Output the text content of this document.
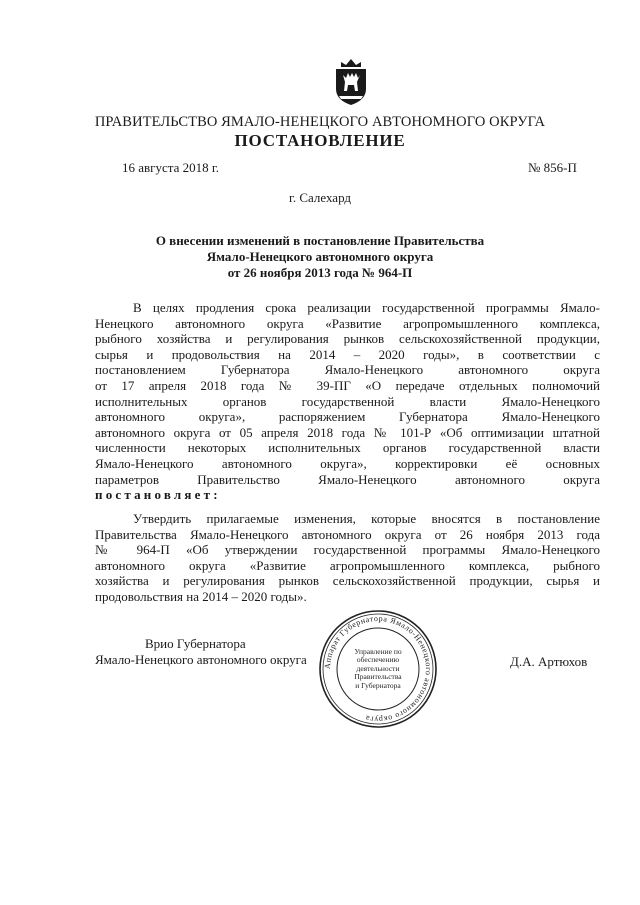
ПРАВИТЕЛЬСТВО ЯМАЛО-НЕНЕЦКОГО АВТОНОМНОГО ОКРУГА
ПОСТАНОВЛЕНИЕ
16 августа 2018 г.	№ 856-П
г. Салехард
О внесении изменений в постановление Правительства
Ямало-Ненецкого автономного округа
от 26 ноября 2013 года № 964-П
В целях продления срока реализации государственной программы Ямало-
Ненецкого автономного округа «Развитие агропромышленного комплекса,
рыбного хозяйства и регулирования рынков сельскохозяйственной продукции,
сырья и продовольствия на 2014 – 2020 годы», в соответствии с
постановлением Губернатора Ямало-Ненецкого автономного округа
от 17 апреля 2018 года № 39-ПГ «О передаче отдельных полномочий
исполнительных органов государственной власти Ямало-Ненецкого
автономного округа», распоряжением Губернатора Ямало-Ненецкого
автономного округа от 05 апреля 2018 года № 101-Р «Об оптимизации штатной
численности некоторых исполнительных органов государственной власти
Ямало-Ненецкого автономного округа», корректировки её основных
параметров Правительство Ямало-Ненецкого автономного округа
постановляет:
Утвердить прилагаемые изменения, которые вносятся в постановление
Правительства Ямало-Ненецкого автономного округа от 26 ноября 2013 года
№ 964-П «Об утверждении государственной программы Ямало-Ненецкого
автономного округа «Развитие агропромышленного комплекса, рыбного
хозяйства и регулирования рынков сельскохозяйственной продукции, сырья и
продовольствия на 2014 – 2020 годы».
Врио Губернатора
Ямало-Ненецкого автономного округа	Д.А. Артюхов
Аппарат Губернатора Ямало-Ненецкого автономного округа
Управление по
обеспечению
деятельности
Правительства
и Губернатора
